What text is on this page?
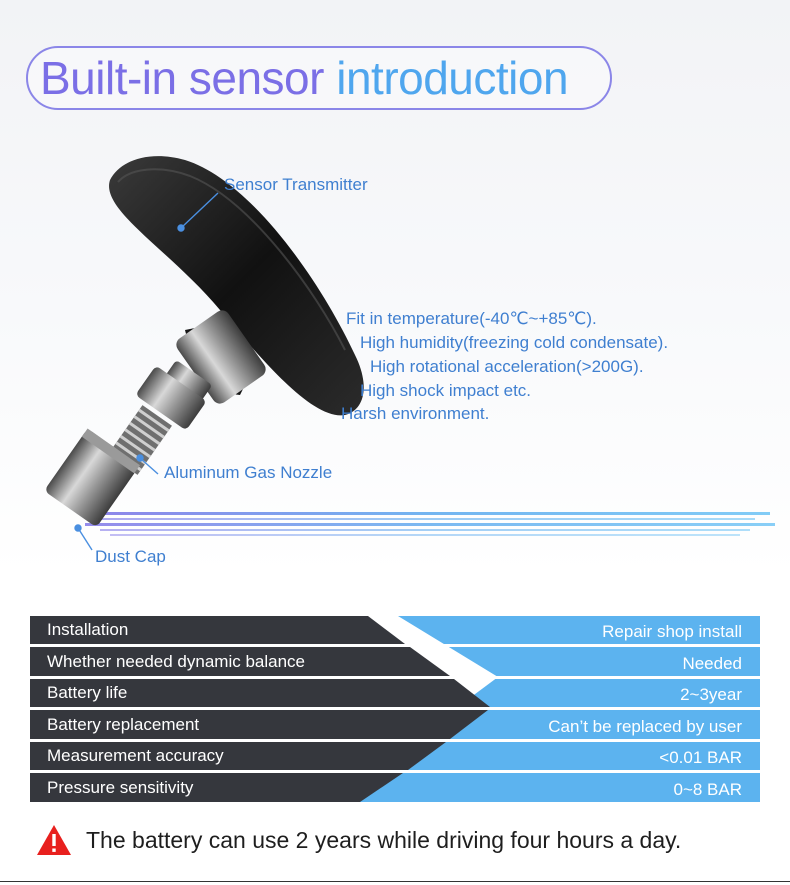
Built-in sensor introduction
Sensor Transmitter
Aluminum Gas Nozzle
Dust Cap
Fit in temperature(-40℃~+85℃).
High humidity(freezing cold condensate).
High rotational acceleration(>200G).
High shock impact etc.
Harsh environment.
Installation
Whether needed dynamic balance
Battery life
Battery replacement
Measurement accuracy
Pressure sensitivity
Repair shop install
Needed
2~3year
Can’t be replaced by user
<0.01 BAR
0~8 BAR
The battery can use 2 years while driving four hours a day.
